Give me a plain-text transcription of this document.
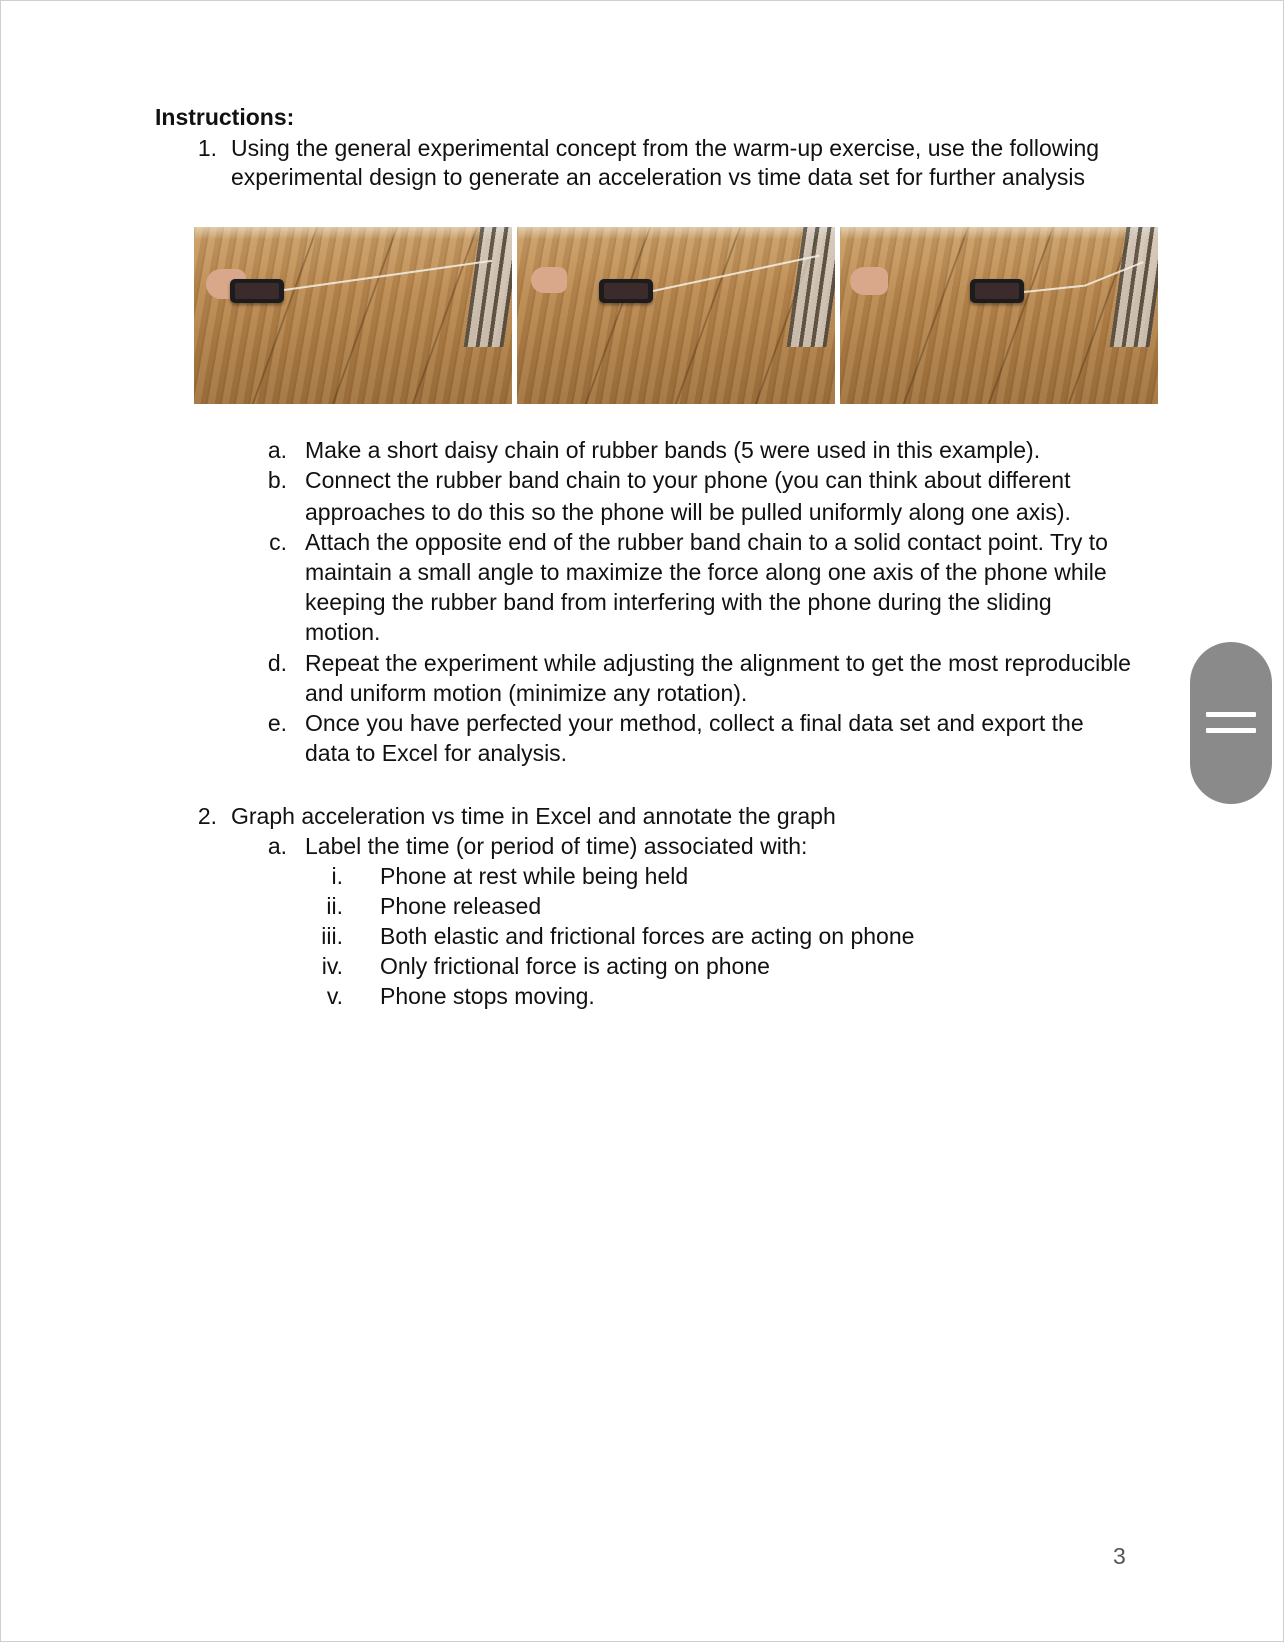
Instructions:
1. Using the general experimental concept from the warm-up exercise, use the following
experimental design to generate an acceleration vs time data set for further analysis
a. Make a short daisy chain of rubber bands (5 were used in this example).
b. Connect the rubber band chain to your phone (you can think about different
approaches to do this so the phone will be pulled uniformly along one axis).
c. Attach the opposite end of the rubber band chain to a solid contact point. Try to
maintain a small angle to maximize the force along one axis of the phone while
keeping the rubber band from interfering with the phone during the sliding
motion.
d. Repeat the experiment while adjusting the alignment to get the most reproducible
and uniform motion (minimize any rotation).
e. Once you have perfected your method, collect a final data set and export the
data to Excel for analysis.
2. Graph acceleration vs time in Excel and annotate the graph
a. Label the time (or period of time) associated with:
i. Phone at rest while being held
ii. Phone released
iii. Both elastic and frictional forces are acting on phone
iv. Only frictional force is acting on phone
v. Phone stops moving.
3
